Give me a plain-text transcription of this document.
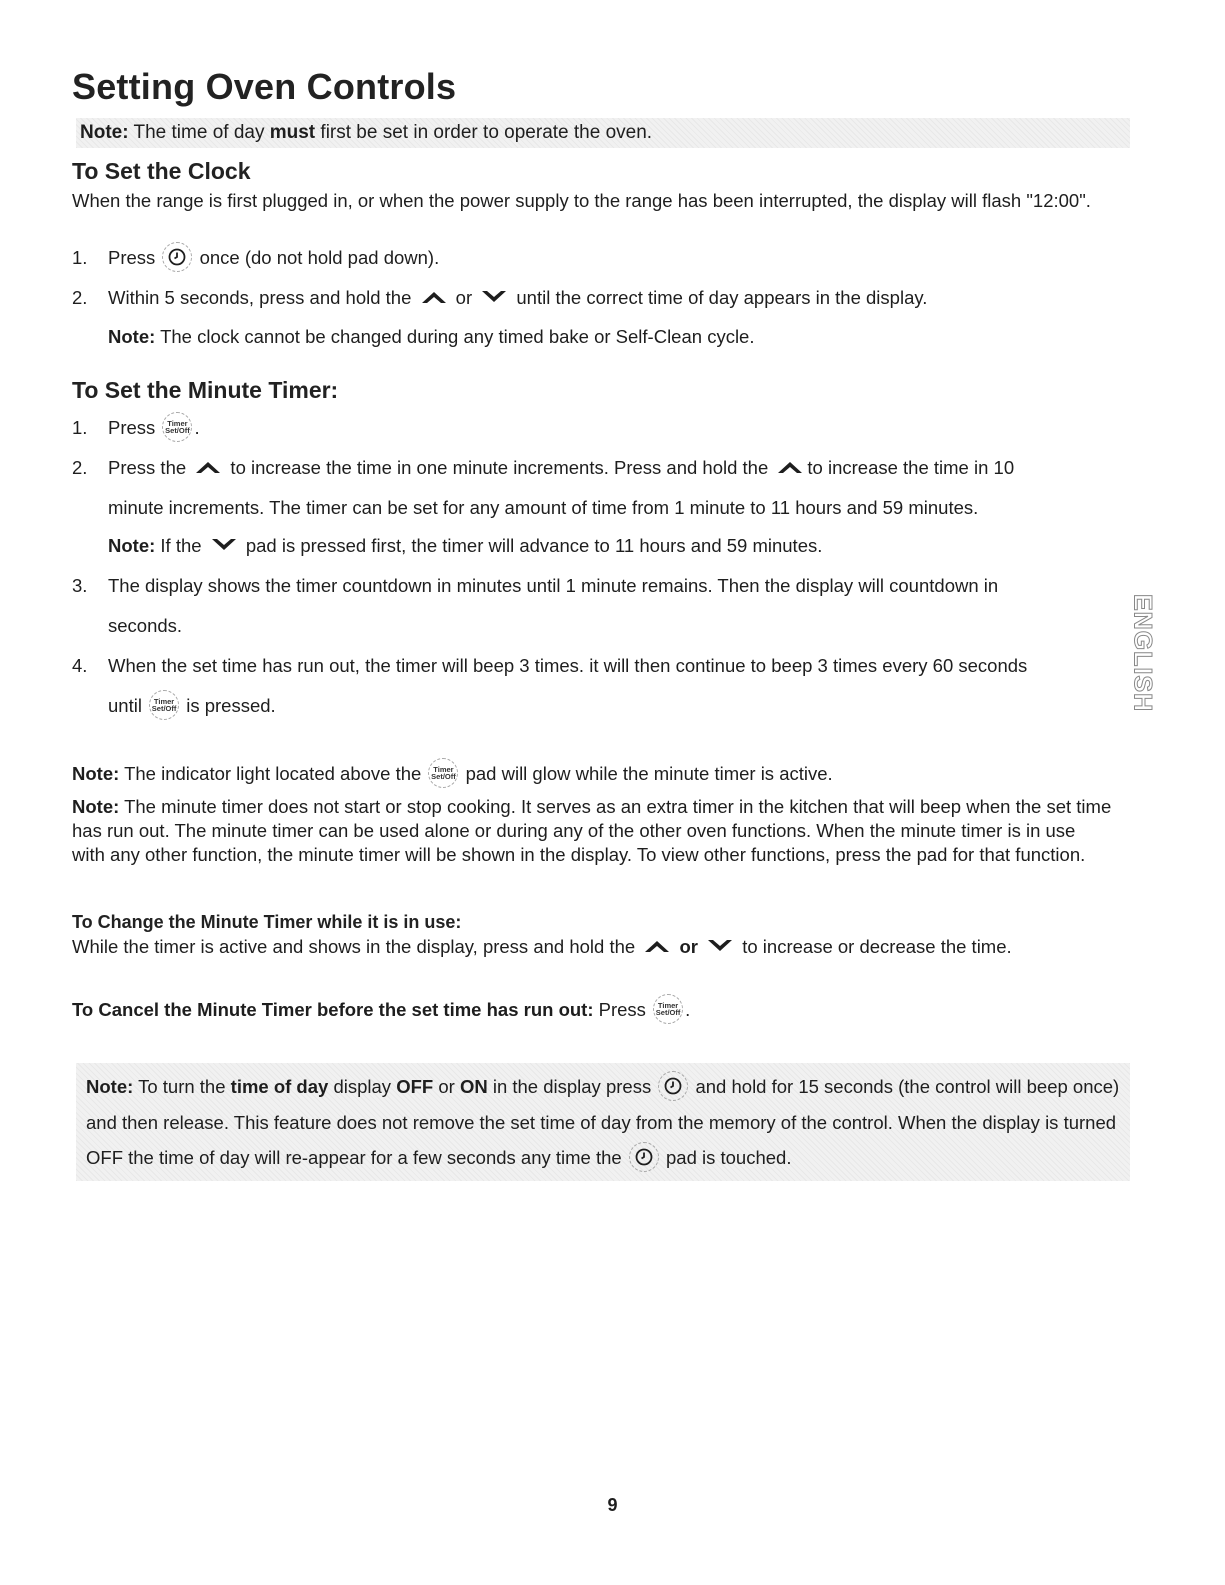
Setting Oven Controls
Note: The time of day must first be set in order to operate the oven.
To Set the Clock

When the range is first plugged in, or when the power supply to the range has been interrupted, the display will flash "12:00".

1.	Press
once (do not hold pad down).
2.	Within 5 seconds, press and hold the  or  until the correct time of day appears in the display.
Note: The clock cannot be changed during any timed bake or Self-Clean cycle.
To Set the Minute Timer:
1.	Press Timer
Set/Off .
2.	Press the  to increase the time in one minute increments. Press and hold the to increase the time in 10
minute increments. The timer can be set for any amount of time from 1 minute to 11 hours and 59 minutes.
Note: If the  pad is pressed first, the timer will advance to 11 hours and 59 minutes.
3.	The display shows the timer countdown in minutes until 1 minute remains. Then the display will countdown in
seconds.
4.	When the set time has run out, the timer will beep 3 times. it will then continue to beep 3 times every 60 seconds
until Timer
Set/Off is pressed.	ENGLISH
Note: The indicator light located above the Timer
Set/Off pad will glow while the minute timer is active.
Note: The minute timer does not start or stop cooking. It serves as an extra timer in the kitchen that will beep when the set time has run out. The minute timer can be used alone or during any of the other oven functions. When the minute timer is in use with any other function, the minute timer will be shown in the display. To view other functions, press the pad for that function.
To Change the Minute Timer while it is in use:

While the timer is active and shows in the display, press and hold the  or  to increase or decrease the time.

To Cancel the Minute Timer before the set time has run out: Press Timer
Set/Off .
Note: To turn the time of day display OFF or ON in the display press
and hold for 15 seconds (the control will beep once) and then release. This feature does not remove the set time of day from the memory of the control. When the display is turned OFF the time of day will re-appear for a few seconds any time the
pad is touched.
9
